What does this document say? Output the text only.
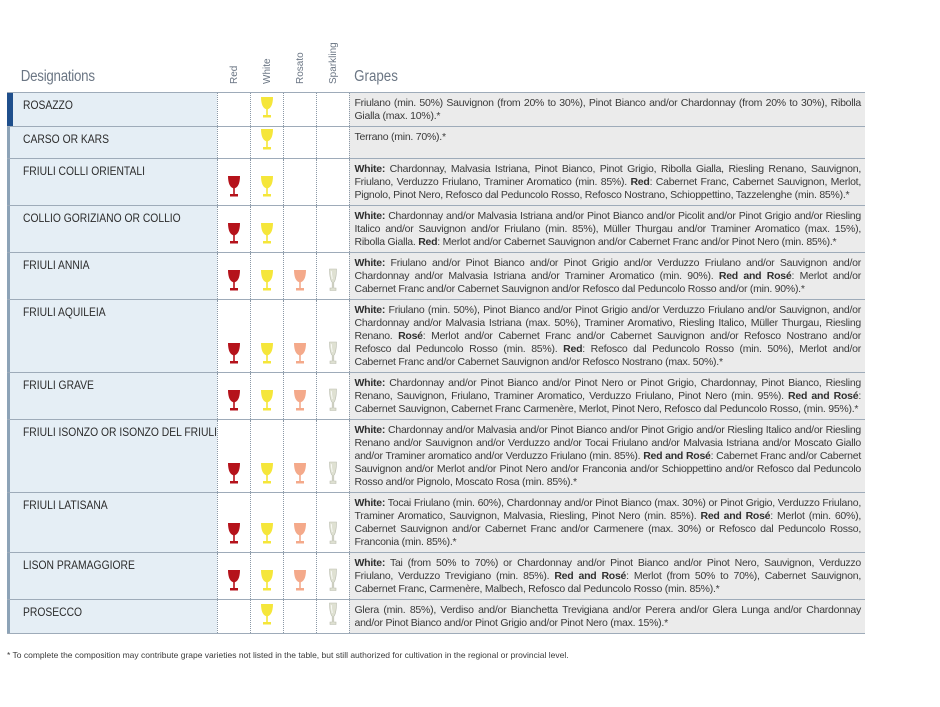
Designations	Red	White	Rosato	Sparkling	Grapes

ROSAZZO					Friulano (min. 50%) Sauvignon (from 20% to 30%), Pinot Bianco and/or Chardonnay (from 20% to 30%), Ribolla Gialla (max. 10%).*

CARSO OR KARS					Terrano (min. 70%).*

FRIULI COLLI ORIENTALI					White: Chardonnay, Malvasia Istriana, Pinot Bianco, Pinot Grigio, Ribolla Gialla, Riesling Renano, Sauvignon, Friulano, Verduzzo Friulano, Traminer Aromatico (min. 85%). Red: Cabernet Franc, Cabernet Sauvignon, Merlot, Pignolo, Pinot Nero, Refosco dal Peduncolo Rosso, Refosco Nostrano, Schioppettino, Tazzelenghe (min. 85%).*

COLLIO GORIZIANO OR COLLIO					White: Chardonnay and/or Malvasia Istriana and/or Pinot Bianco and/or Picolit and/or Pinot Grigio and/or Riesling Italico and/or Sauvignon and/or Friulano (min. 85%), Müller Thurgau and/or Traminer Aromatico (max. 15%), Ribolla Gialla. Red: Merlot and/or Cabernet Sauvignon and/or Cabernet Franc and/or Pinot Nero (min. 85%).*

FRIULI ANNIA					White: Friulano and/or Pinot Bianco and/or Pinot Grigio and/or Verduzzo Friulano and/or Sauvignon and/or Chardonnay and/or Malvasia Istriana and/or Traminer Aromatico (min. 90%). Red and Rosé: Merlot and/or Cabernet Franc and/or Cabernet Sauvignon and/or Refosco dal Peduncolo Rosso and/or (min. 90%).*

FRIULI AQUILEIA					White: Friulano (min. 50%), Pinot Bianco and/or Pinot Grigio and/or Verduzzo Friulano and/or Sauvignon, and/or Chardonnay and/or Malvasia Istriana (max. 50%), Traminer Aromativo, Riesling Italico, Müller Thurgau, Riesling Renano. Rosé: Merlot and/or Cabernet Franc and/or Cabernet Sauvignon and/or Refosco Nostrano and/or Refosco dal Peduncolo Rosso (min. 85%). Red: Refosco dal Peduncolo Rosso (min. 50%), Merlot and/or Cabernet Franc and/or Cabernet Sauvignon and/or Refosco Nostrano (max. 50%).*

FRIULI GRAVE					White: Chardonnay and/or Pinot Bianco and/or Pinot Nero or Pinot Grigio, Chardonnay, Pinot Bianco, Riesling Renano, Sauvignon, Friulano, Traminer Aromatico, Verduzzo Friulano, Pinot Nero (min. 95%). Red and Rosé: Cabernet Sauvignon, Cabernet Franc Carmenère, Merlot, Pinot Nero, Refosco dal Peduncolo Rosso, (min. 95%).*

FRIULI ISONZO OR ISONZO DEL FRIULI					White: Chardonnay and/or Malvasia and/or Pinot Bianco and/or Pinot Grigio and/or Riesling Italico and/or Riesling Renano and/or Sauvignon and/or Verduzzo and/or Tocai Friulano and/or Malvasia Istriana and/or Moscato Giallo and/or Traminer aromatico and/or Verduzzo Friulano (min. 85%). Red and Rosé: Cabernet Franc and/or Cabernet Sauvignon and/or Merlot and/or Pinot Nero and/or Franconia and/or Schioppettino and/or Refosco dal Peduncolo Rosso and/or Pignolo, Moscato Rosa (min. 85%).*

FRIULI LATISANA					White: Tocai Friulano (min. 60%), Chardonnay and/or Pinot Bianco (max. 30%) or Pinot Grigio, Verduzzo Friulano, Traminer Aromatico, Sauvignon, Malvasia, Riesling, Pinot Nero (min. 85%). Red and Rosé: Merlot (min. 60%), Cabernet Sauvignon and/or Cabernet Franc and/or Carmenere (max. 30%) or Refosco dal Peduncolo Rosso, Franconia (min. 85%).*

LISON PRAMAGGIORE					White: Tai (from 50% to 70%) or Chardonnay and/or Pinot Bianco and/or Pinot Nero, Sauvignon, Verduzzo Friulano, Verduzzo Trevigiano (min. 85%). Red and Rosé: Merlot (from 50% to 70%), Cabernet Sauvignon, Cabernet Franc, Carmenère, Malbech, Refosco dal Peduncolo Rosso (min. 85%).*

PROSECCO					Glera (min. 85%), Verdiso and/or Bianchetta Trevigiana and/or Perera and/or Glera Lunga and/or Chardonnay and/or Pinot Bianco and/or Pinot Grigio and/or Pinot Nero (max. 15%).*
* To complete the composition may contribute grape varieties not listed in the table, but still authorized for cultivation in the regional or provincial level.
